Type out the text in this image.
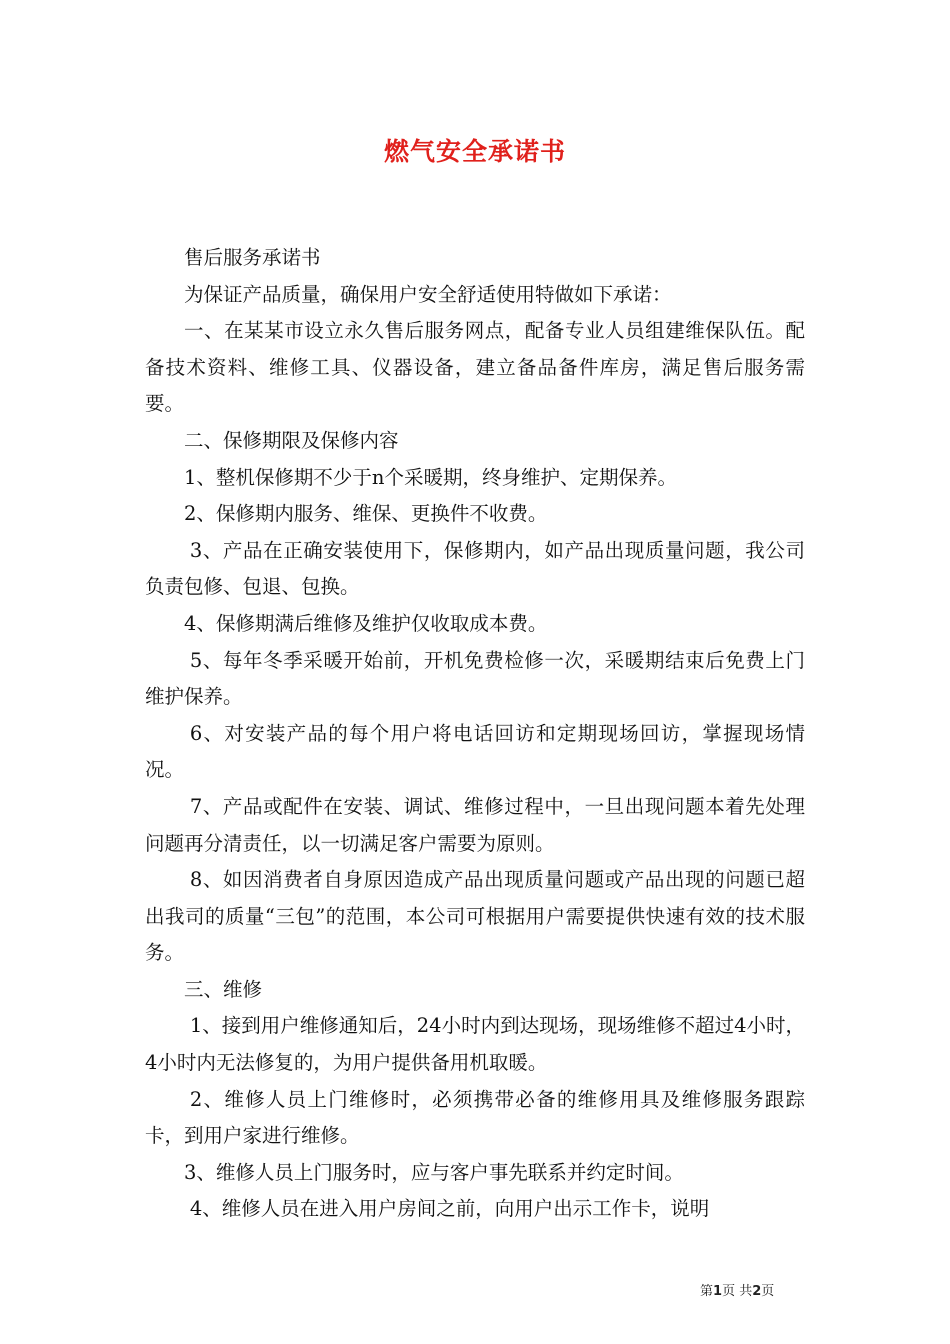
燃气安全承诺书

售后服务承诺书

为保证产品质量，确保用户安全舒适使用特做如下承诺：

一、在某某市设立永久售后服务网点，配备专业人员组建维保队伍。配备技术资料、维修工具、仪器设备，建立备品备件库房，满足售后服务需要。

二、保修期限及保修内容

1、整机保修期不少于n个采暖期，终身维护、定期保养。

2、保修期内服务、维保、更换件不收费。

3、产品在正确安装使用下，保修期内，如产品出现质量问题，我公司负责包修、包退、包换。

4、保修期满后维修及维护仅收取成本费。

5、每年冬季采暖开始前，开机免费检修一次，采暖期结束后免费上门维护保养。

6、对安装产品的每个用户将电话回访和定期现场回访，掌握现场情况。

7、产品或配件在安装、调试、维修过程中，一旦出现问题本着先处理问题再分清责任，以一切满足客户需要为原则。

8、如因消费者自身原因造成产品出现质量问题或产品出现的问题已超出我司的质量“三包”的范围，本公司可根据用户需要提供快速有效的技术服务。

三、维修

1、接到用户维修通知后，24小时内到达现场，现场维修不超过4小时，4小时内无法修复的，为用户提供备用机取暖。

2、维修人员上门维修时，必须携带必备的维修用具及维修服务跟踪卡，到用户家进行维修。

3、维修人员上门服务时，应与客户事先联系并约定时间。

4、维修人员在进入用户房间之前，向用户出示工作卡，说明

第1页 共2页
